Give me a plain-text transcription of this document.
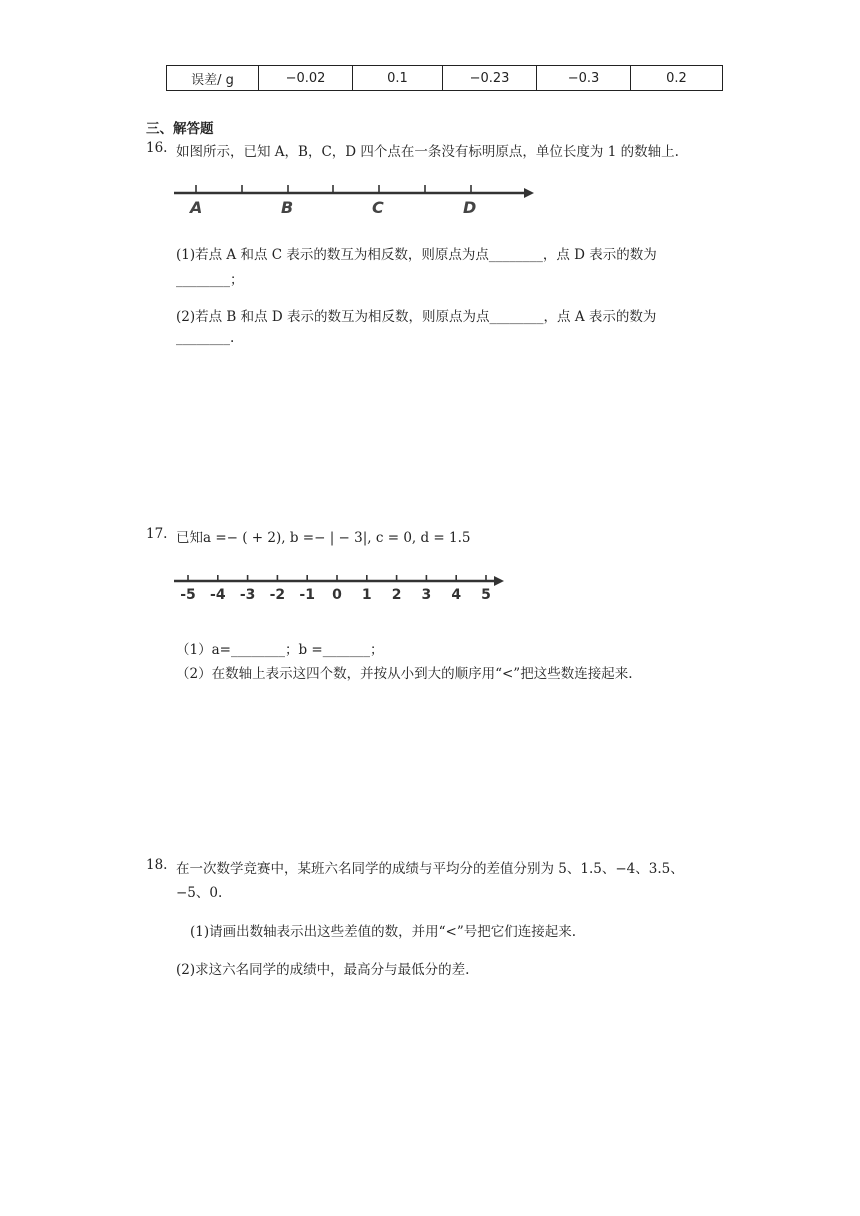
误差/ g	−0.02	0.1	−0.23	−0.3	0.2
三、解答题
16. 如图所示，已知 A，B，C，D 四个点在一条没有标明原点，单位长度为 1 的数轴上.
A	B	C	D
(1)若点 A 和点 C 表示的数互为相反数，则原点为点________，点 D 表示的数为
________；
(2)若点 B 和点 D 表示的数互为相反数，则原点为点________，点 A 表示的数为
________.
17. 已知a =− ( + 2), b =− | − 3|, c = 0, d = 1.5
-5 -4 -3 -2 -1 0 1 2 3 4 5
（1）a=________；b =_______；
（2）在数轴上表示这四个数，并按从小到大的顺序用“<”把这些数连接起来.
18. 在一次数学竞赛中，某班六名同学的成绩与平均分的差值分别为 5、1.5、−4、3.5、
−5、0.
(1)请画出数轴表示出这些差值的数，并用“<”号把它们连接起来.
(2)求这六名同学的成绩中，最高分与最低分的差.
